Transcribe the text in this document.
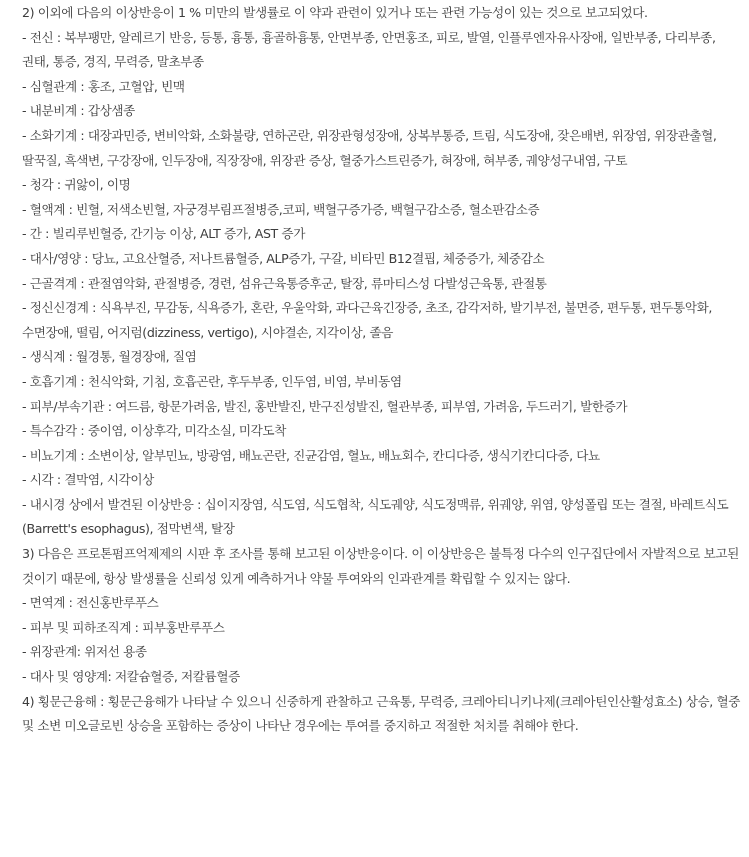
2) 이외에 다음의 이상반응이 1 % 미만의 발생률로 이 약과 관련이 있거나 또는 관련 가능성이 있는 것으로 보고되었다.

- 전신 : 복부팽만, 알레르기 반응, 등통, 흉통, 흉골하흉통, 안면부종, 안면홍조, 피로, 발열, 인플루엔자유사장애, 일반부종, 다리부종, 권태, 통증, 경직, 무력증, 말초부종

- 심혈관계 : 홍조, 고혈압, 빈맥

- 내분비계 : 갑상샘종

- 소화기계 : 대장과민증, 변비악화, 소화불량, 연하곤란, 위장관형성장애, 상복부통증, 트림, 식도장애, 잦은배변, 위장염, 위장관출혈, 딸꾹질, 흑색변, 구강장애, 인두장애, 직장장애, 위장관 증상, 혈중가스트린증가, 혀장애, 혀부종, 궤양성구내염, 구토

- 청각 : 귀앓이, 이명

- 혈액계 : 빈혈, 저색소빈혈, 자궁경부림프절병증,코피, 백혈구증가증, 백혈구감소증, 혈소판감소증

- 간 : 빌리루빈혈증, 간기능 이상, ALT 증가, AST 증가

- 대사/영양 : 당뇨, 고요산혈증, 저나트륨혈증, ALP증가, 구갈, 비타민 B12결핍, 체중증가, 체중감소

- 근골격계 : 관절염악화, 관절병증, 경련, 섬유근육통증후군, 탈장, 류마티스성 다발성근육통, 관절통

- 정신신경계 : 식욕부진, 무감동, 식욕증가, 혼란, 우울악화, 과다근육긴장증, 초조, 감각저하, 발기부전, 불면증, 편두통, 편두통악화, 수면장애, 떨림, 어지럼(dizziness, vertigo), 시야결손, 지각이상, 졸음

- 생식계 : 월경통, 월경장애, 질염

- 호흡기계 : 천식악화, 기침, 호흡곤란, 후두부종, 인두염, 비염, 부비동염

- 피부/부속기관 : 여드름, 항문가려움, 발진, 홍반발진, 반구진성발진, 혈관부종, 피부염, 가려움, 두드러기, 발한증가

- 특수감각 : 중이염, 이상후각, 미각소실, 미각도착

- 비뇨기계 : 소변이상, 알부민뇨, 방광염, 배뇨곤란, 진균감염, 혈뇨, 배뇨회수, 칸디다증, 생식기칸디다증, 다뇨

- 시각 : 결막염, 시각이상

- 내시경 상에서 발견된 이상반응 : 십이지장염, 식도염, 식도협착, 식도궤양, 식도정맥류, 위궤양, 위염, 양성폴립 또는 결절, 바레트식도(Barrett's esophagus), 점막변색, 탈장

3) 다음은 프로톤펌프억제제의 시판 후 조사를 통해 보고된 이상반응이다. 이 이상반응은 불특정 다수의 인구집단에서 자발적으로 보고된 것이기 때문에, 항상 발생률을 신뢰성 있게 예측하거나 약물 투여와의 인과관계를 확립할 수 있지는 않다.

- 면역계 : 전신홍반루푸스

- 피부 및 피하조직계 : 피부홍반루푸스

- 위장관계: 위저선 용종

- 대사 및 영양계: 저칼슘혈증, 저칼륨혈증

4) 횡문근융해 : 횡문근융해가 나타날 수 있으니 신중하게 관찰하고 근육통, 무력증, 크레아티니키나제(크레아틴인산활성효소) 상승, 혈중 및 소변 미오글로빈 상승을 포함하는 증상이 나타난 경우에는 투여를 중지하고 적절한 처치를 취해야 한다.
